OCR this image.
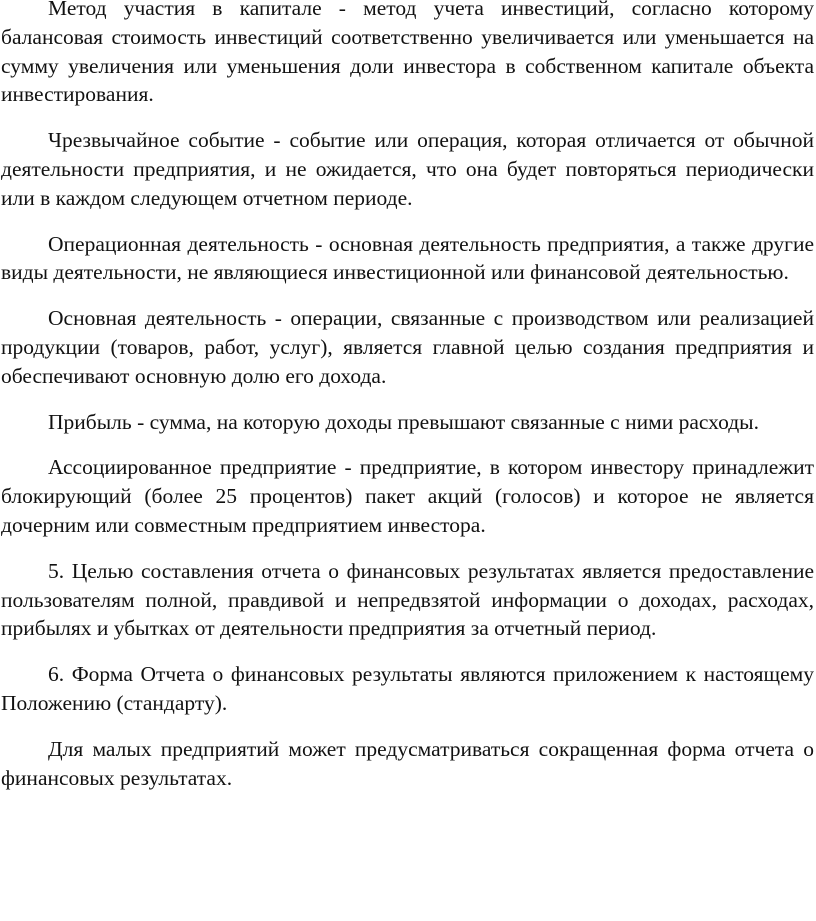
Метод участия в капитале - метод учета инвестиций, согласно которому балансовая стоимость инвестиций соответственно увеличивается или уменьшается на сумму увеличения или уменьшения доли инвестора в собственном капитале объекта инвестирования.

Чрезвычайное событие - событие или операция, которая отличается от обычной деятельности предприятия, и не ожидается, что она будет повторяться периодически или в каждом следующем отчетном периоде.

Операционная деятельность - основная деятельность предприятия, а также другие виды деятельности, не являющиеся инвестиционной или финансовой деятельностью.

Основная деятельность - операции, связанные с производством или реализацией продукции (товаров, работ, услуг), является главной целью создания предприятия и обеспечивают основную долю его дохода.

Прибыль - сумма, на которую доходы превышают связанные с ними расходы.

Ассоциированное предприятие - предприятие, в котором инвестору принадлежит блокирующий (более 25 процентов) пакет акций (голосов) и которое не является дочерним или совместным предприятием инвестора.

5. Целью составления отчета о финансовых результатах является предоставление пользователям полной, правдивой и непредвзятой информации о доходах, расходах, прибылях и убытках от деятельности предприятия за отчетный период.

6. Форма Отчета о финансовых результаты являются приложением к настоящему Положению (стандарту).

Для малых предприятий может предусматриваться сокращенная форма отчета о финансовых результатах.
